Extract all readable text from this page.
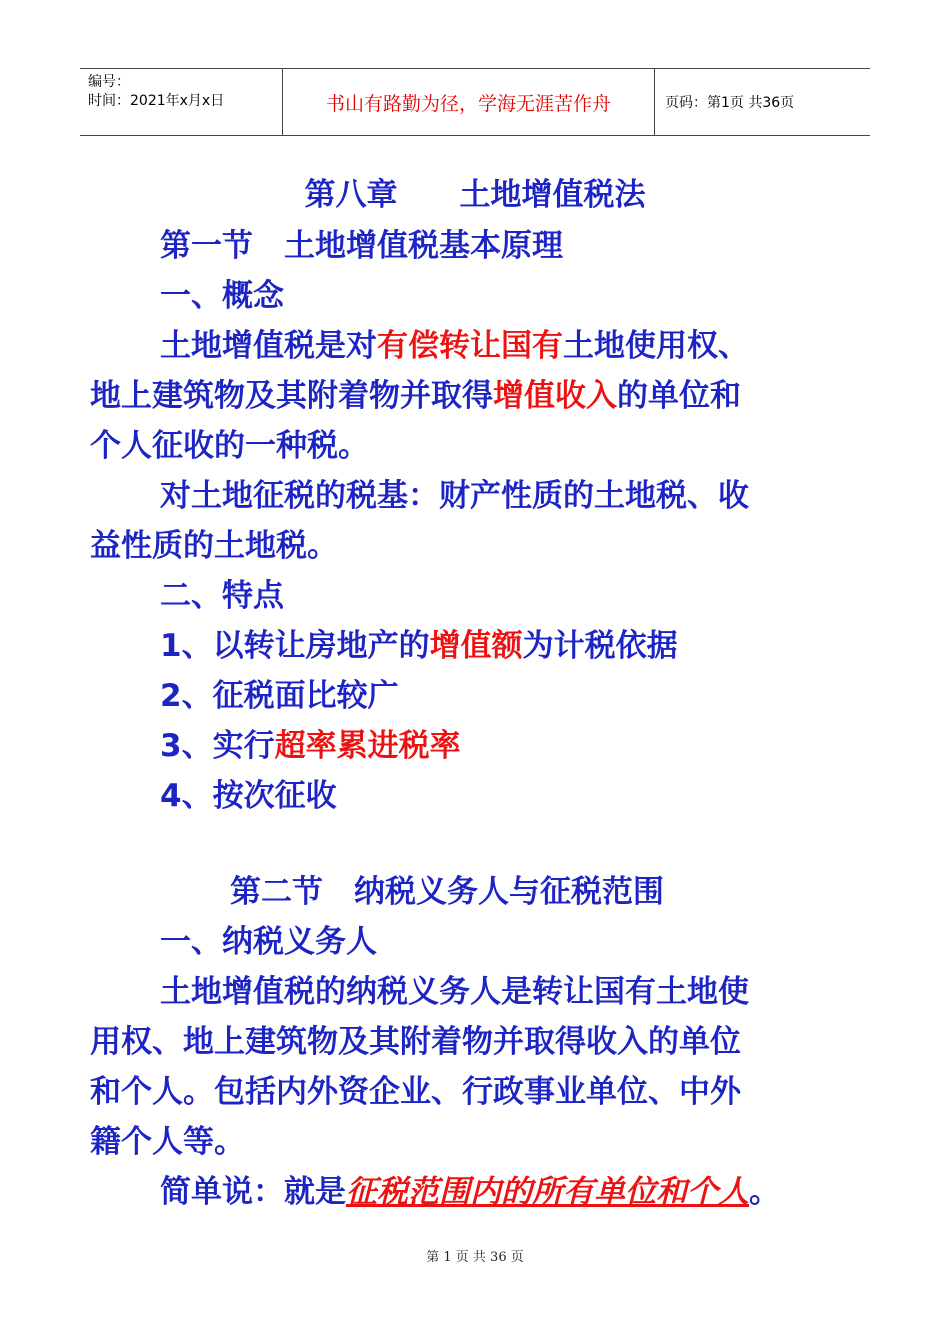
编号：
时间：2021年x月x日	书山有路勤为径，学海无涯苦作舟	页码：第1页 共36页
第八章　　土地增值税法
第一节　土地增值税基本原理
一、概念
土地增值税是对有偿转让国有土地使用权、
地上建筑物及其附着物并取得增值收入的单位和
个人征收的一种税。
对土地征税的税基：财产性质的土地税、收
益性质的土地税。
二、特点
1、以转让房地产的增值额为计税依据
2、征税面比较广
3、实行超率累进税率
4、按次征收
第二节　纳税义务人与征税范围
一、纳税义务人
土地增值税的纳税义务人是转让国有土地使
用权、地上建筑物及其附着物并取得收入的单位
和个人。包括内外资企业、行政事业单位、中外
籍个人等。
简单说：就是征税范围内的所有单位和个人。
第 1 页 共 36 页
